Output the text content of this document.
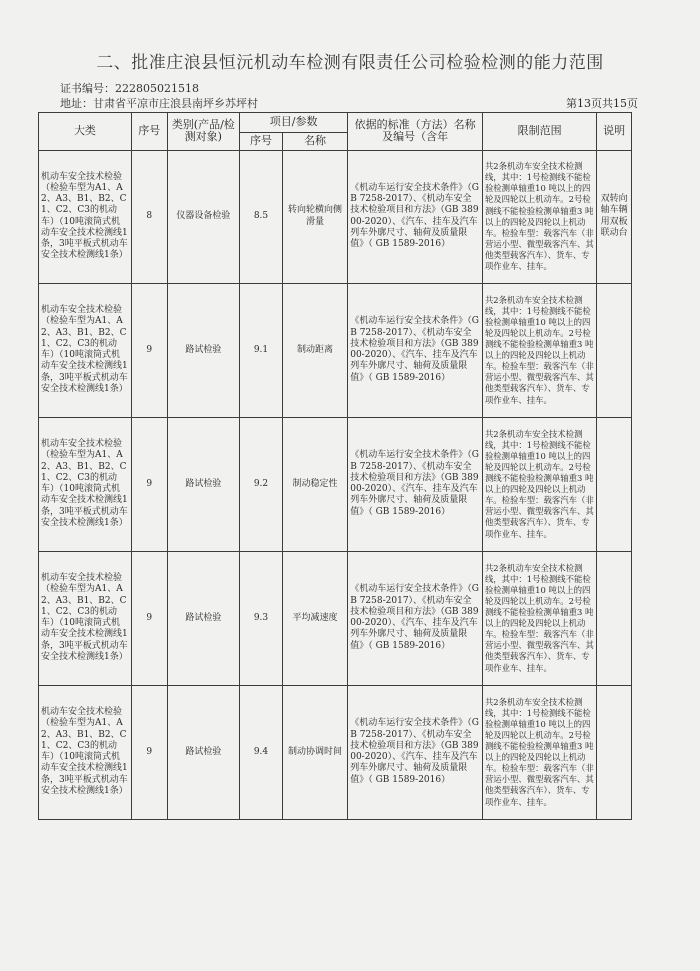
二、批准庄浪县恒沅机动车检测有限责任公司检验检测的能力范围
证书编号：222805021518
地址：甘肃省平凉市庄浪县南坪乡苏坪村	第13页共15页
大类	序号	类别(产品/检测对象)	项目/参数		依据的标准（方法）名称及编号（含年	限制范围	说明
			序号	名称			
机动车安全技术检验（检验车型为A1、A2、A3、B1、B2、C1、C2、C3的机动车）（10吨滚筒式机动车安全技术检测线1条，3吨平板式机动车安全技术检测线1条）	8	仪器设备检验	8.5	转向轮横向侧滑量	《机动车运行安全技术条件》（GB 7258-2017）、《机动车安全技术检验项目和方法》（GB 38900-2020）、《汽车、挂车及汽车列车外廓尺寸、轴荷及质量限值》（ GB 1589-2016）	共2条机动车安全技术检测线，其中：1号检测线不能检验检测单轴重10 吨以上的四轮及四轮以上机动车。2号检测线不能检验检测单轴重3 吨以上的四轮及四轮以上机动车。检验车型：载客汽车（非营运小型、微型载客汽车、其他类型载客汽车）、货车、专项作业车、挂车。	双转向轴车辆用双板联动台
机动车安全技术检验（检验车型为A1、A2、A3、B1、B2、C1、C2、C3的机动车）（10吨滚筒式机动车安全技术检测线1条，3吨平板式机动车安全技术检测线1条）	9	路试检验	9.1	制动距离	《机动车运行安全技术条件》（GB 7258-2017）、《机动车安全技术检验项目和方法》（GB 38900-2020）、《汽车、挂车及汽车列车外廓尺寸、轴荷及质量限值》（ GB 1589-2016）	共2条机动车安全技术检测线，其中：1号检测线不能检验检测单轴重10 吨以上的四轮及四轮以上机动车。2号检测线不能检验检测单轴重3 吨以上的四轮及四轮以上机动车。检验车型：载客汽车（非营运小型、微型载客汽车、其他类型载客汽车）、货车、专项作业车、挂车。	
机动车安全技术检验（检验车型为A1、A2、A3、B1、B2、C1、C2、C3的机动车）（10吨滚筒式机动车安全技术检测线1条，3吨平板式机动车安全技术检测线1条）	9	路试检验	9.2	制动稳定性	《机动车运行安全技术条件》（GB 7258-2017）、《机动车安全技术检验项目和方法》（GB 38900-2020）、《汽车、挂车及汽车列车外廓尺寸、轴荷及质量限值》（ GB 1589-2016）	共2条机动车安全技术检测线，其中：1号检测线不能检验检测单轴重10 吨以上的四轮及四轮以上机动车。2号检测线不能检验检测单轴重3 吨以上的四轮及四轮以上机动车。检验车型：载客汽车（非营运小型、微型载客汽车、其他类型载客汽车）、货车、专项作业车、挂车。	
机动车安全技术检验（检验车型为A1、A2、A3、B1、B2、C1、C2、C3的机动车）（10吨滚筒式机动车安全技术检测线1条，3吨平板式机动车安全技术检测线1条）	9	路试检验	9.3	平均减速度	《机动车运行安全技术条件》（GB 7258-2017）、《机动车安全技术检验项目和方法》（GB 38900-2020）、《汽车、挂车及汽车列车外廓尺寸、轴荷及质量限值》（ GB 1589-2016）	共2条机动车安全技术检测线，其中：1号检测线不能检验检测单轴重10 吨以上的四轮及四轮以上机动车。2号检测线不能检验检测单轴重3 吨以上的四轮及四轮以上机动车。检验车型：载客汽车（非营运小型、微型载客汽车、其他类型载客汽车）、货车、专项作业车、挂车。	
机动车安全技术检验（检验车型为A1、A2、A3、B1、B2、C1、C2、C3的机动车）（10吨滚筒式机动车安全技术检测线1条，3吨平板式机动车安全技术检测线1条）	9	路试检验	9.4	制动协调时间	《机动车运行安全技术条件》（GB 7258-2017）、《机动车安全技术检验项目和方法》（GB 38900-2020）、《汽车、挂车及汽车列车外廓尺寸、轴荷及质量限值》（ GB 1589-2016）	共2条机动车安全技术检测线，其中：1号检测线不能检验检测单轴重10 吨以上的四轮及四轮以上机动车。2号检测线不能检验检测单轴重3 吨以上的四轮及四轮以上机动车。检验车型：载客汽车（非营运小型、微型载客汽车、其他类型载客汽车）、货车、专项作业车、挂车。	
